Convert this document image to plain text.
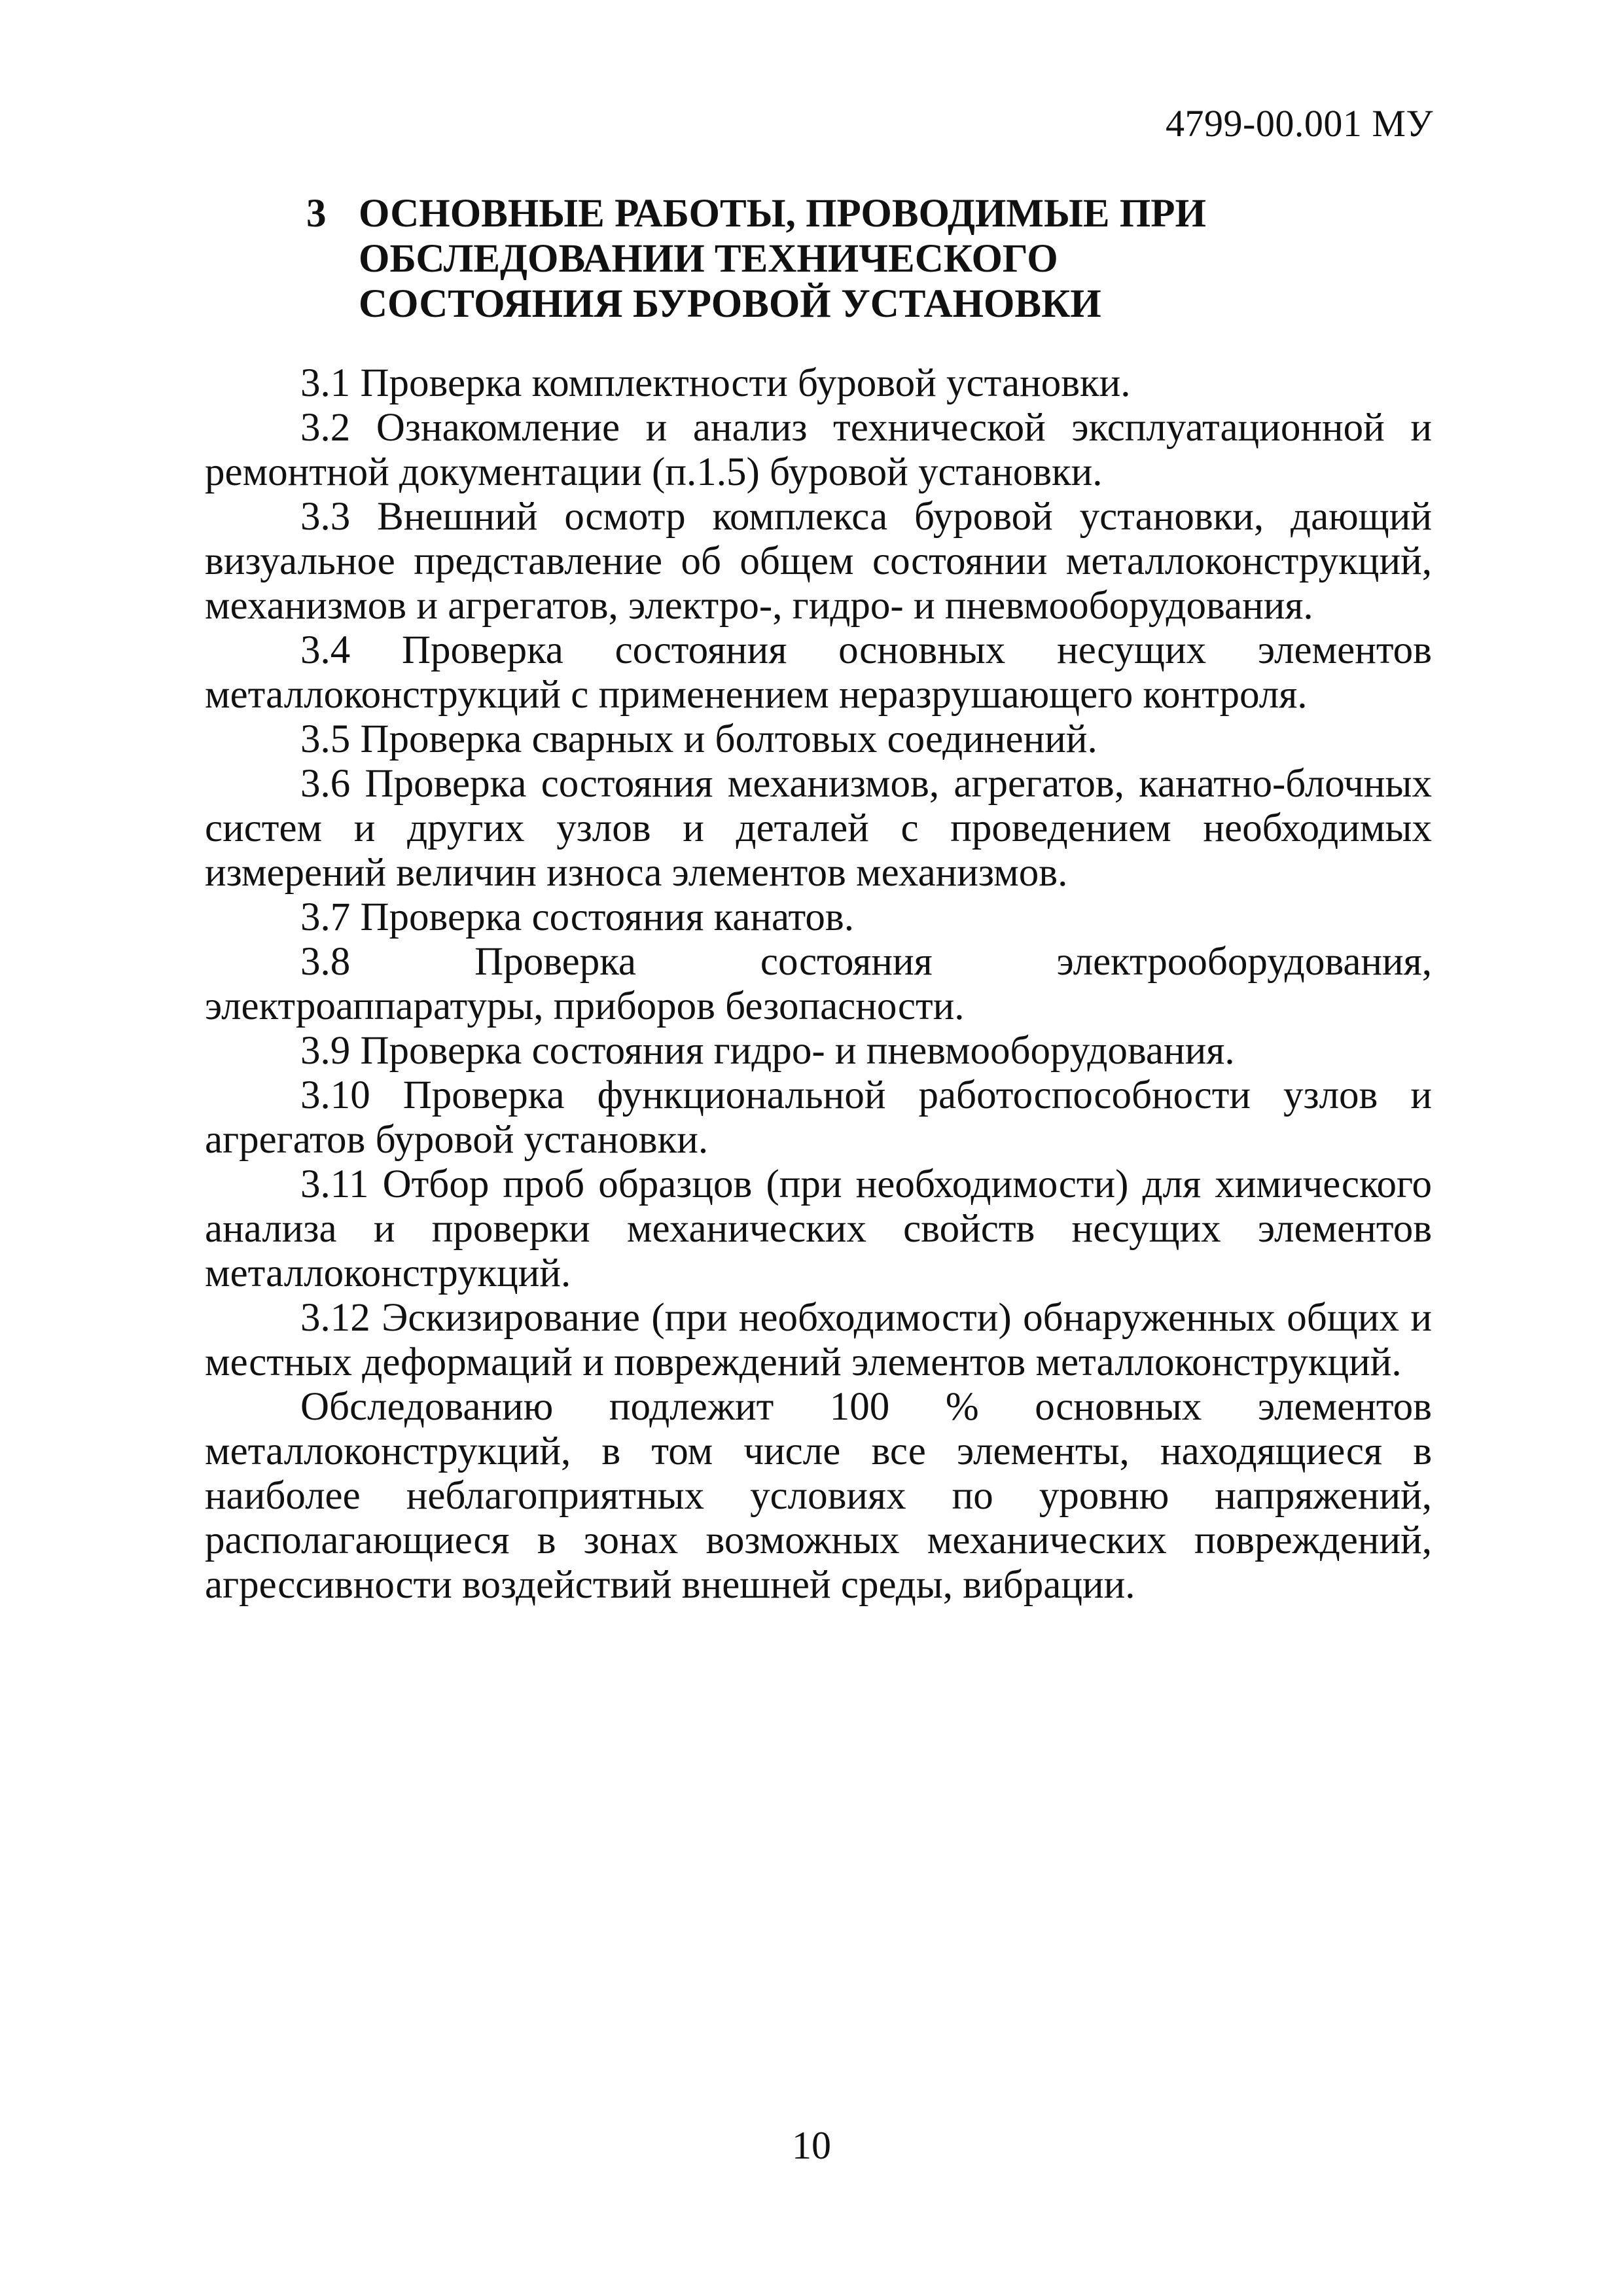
4799-00.001 МУ
3 ОСНОВНЫЕ РАБОТЫ, ПРОВОДИМЫЕ ПРИ
ОБСЛЕДОВАНИИ ТЕХНИЧЕСКОГО
СОСТОЯНИЯ БУРОВОЙ УСТАНОВКИ

3.1 Проверка комплектности буровой установки.

3.2 Ознакомление и анализ технической эксплуатационной и ремонтной документации (п.1.5) буровой установки.

3.3 Внешний осмотр комплекса буровой установки, дающий визуальное представление об общем состоянии металлоконструкций, механизмов и агрегатов, электро-, гидро- и пневмооборудования.

3.4 Проверка состояния основных несущих элементов металлоконструкций с применением неразрушающего контроля.

3.5 Проверка сварных и болтовых соединений.

3.6 Проверка состояния механизмов, агрегатов, канатно-блочных систем и других узлов и деталей с проведением необходимых измерений величин износа элементов механизмов.

3.7 Проверка состояния канатов.

3.8 Проверка состояния электрооборудования, электроаппаратуры, приборов безопасности.

3.9 Проверка состояния гидро- и пневмооборудования.

3.10 Проверка функциональной работоспособности узлов и агрегатов буровой установки.

3.11 Отбор проб образцов (при необходимости) для химического анализа и проверки механических свойств несущих элементов металлоконструкций.

3.12 Эскизирование (при необходимости) обнаруженных общих и местных деформаций и повреждений элементов металлоконструкций.

Обследованию подлежит 100 % основных элементов металлоконструкций, в том числе все элементы, находящиеся в наиболее неблагоприятных условиях по уровню напряжений, располагающиеся в зонах возможных механических повреждений, агрессивности воздействий внешней среды, вибрации.

10
